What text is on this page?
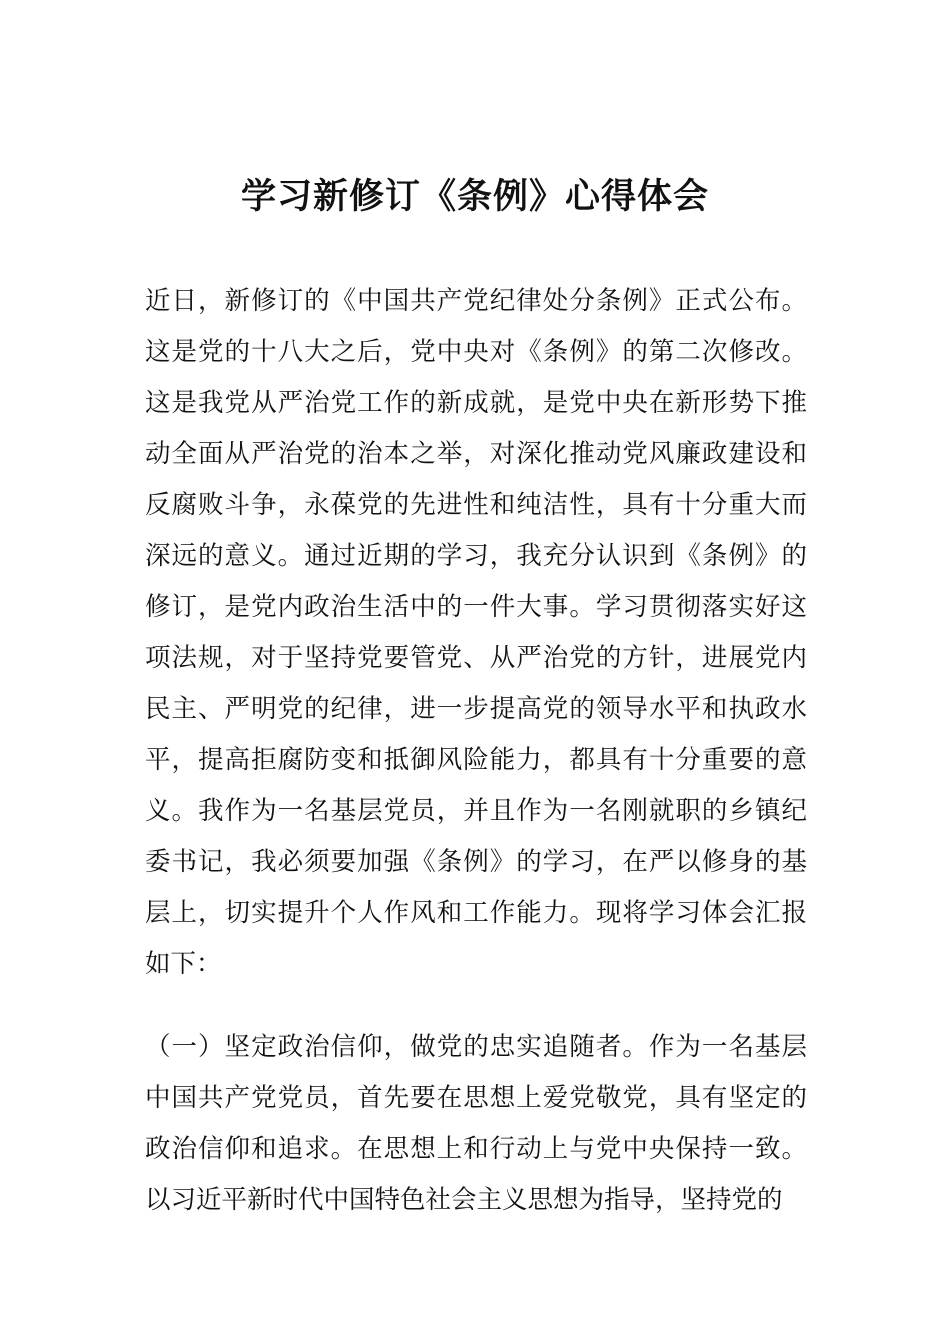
学习新修订《条例》心得体会

近日，新修订的《中国共产党纪律处分条例》正式公布。这是党的十八大之后，党中央对《条例》的第二次修改。这是我党从严治党工作的新成就，是党中央在新形势下推动全面从严治党的治本之举，对深化推动党风廉政建设和反腐败斗争，永葆党的先进性和纯洁性，具有十分重大而深远的意义。通过近期的学习，我充分认识到《条例》的修订，是党内政治生活中的一件大事。学习贯彻落实好这项法规，对于坚持党要管党、从严治党的方针，进展党内民主、严明党的纪律，进一步提高党的领导水平和执政水平，提高拒腐防变和抵御风险能力，都具有十分重要的意义。我作为一名基层党员，并且作为一名刚就职的乡镇纪委书记，我必须要加强《条例》的学习，在严以修身的基层上，切实提升个人作风和工作能力。现将学习体会汇报如下：

（一）坚定政治信仰，做党的忠实追随者。作为一名基层中国共产党党员，首先要在思想上爱党敬党，具有坚定的政治信仰和追求。在思想上和行动上与党中央保持一致。以习近平新时代中国特色社会主义思想为指导，坚持党的
